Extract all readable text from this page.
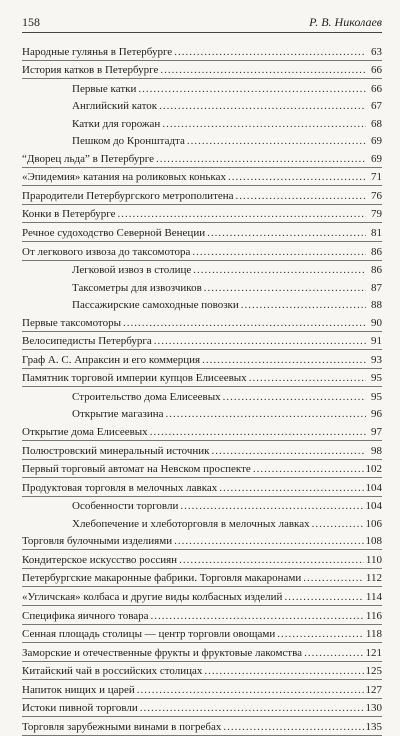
158	Р. В. Николаев
Народные гулянья в Петербурге .....	63
История катков в Петербурге .....	66
Первые катки .....	66
Английский каток .....	67
Катки для горожан .....	68
Пешком до Кронштадта .....	69
“Дворец льда” в Петербурге .....	69
«Эпидемия» катания на роликовых коньках .....	71
Прародители Петербургского метрополитена .....	76
Конки в Петербурге .....	79
Речное судоходство Северной Венеции .....	81
От легкового извоза до таксомотора .....	86
Легковой извоз в столице .....	86
Таксометры для извозчиков .....	87
Пассажирские самоходные повозки .....	88
Первые таксомоторы .....	90
Велосипедисты Петербурга .....	91
Граф А. С. Апраксин и его коммерция .....	93
Памятник торговой империи купцов Елисеевых .....	95
Строительство дома Елисеевых .....	95
Открытие магазина .....	96
Открытие дома Елисеевых .....	97
Полюстровский минеральный источник .....	98
Первый торговый автомат на Невском проспекте .....	102
Продуктовая торговля в мелочных лавках .....	104
Особенности торговли .....	104
Хлебопечение и хлеботорговля в мелочных лавках .....	106
Торговля булочными изделиями .....	108
Кондитерское искусство россиян .....	110
Петербургские макаронные фабрики. Торговля макаронами .....	112
«Угличская» колбаса и другие виды колбасных изделий .....	114
Специфика яичного товара .....	116
Сенная площадь столицы — центр торговли овощами .....	118
Заморские и отечественные фрукты и фруктовые лакомства .....	121
Китайский чай в российских столицах .....	125
Напиток нищих и царей .....	127
Истоки пивной торговли .....	130
Торговля зарубежными винами в погребах .....	135
